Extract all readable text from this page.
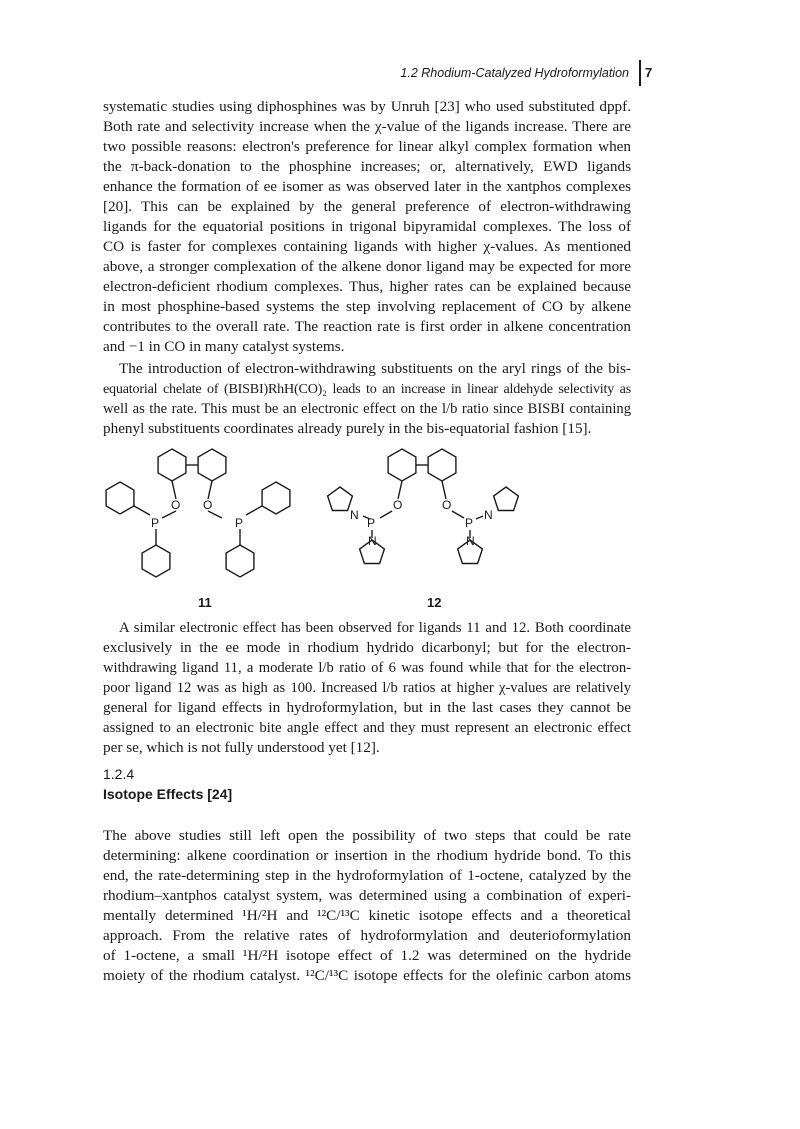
1.2 Rhodium-Catalyzed Hydroformylation 7
systematic studies using diphosphines was by Unruh [23] who used substituted dppf.
Both rate and selectivity increase when the χ-value of the ligands increase. There are
two possible reasons: electron's preference for linear alkyl complex formation when
the π-back-donation to the phosphine increases; or, alternatively, EWD ligands
enhance the formation of ee isomer as was observed later in the xantphos complexes
[20]. This can be explained by the general preference of electron-withdrawing
ligands for the equatorial positions in trigonal bipyramidal complexes. The loss of
CO is faster for complexes containing ligands with higher χ-values. As mentioned
above, a stronger complexation of the alkene donor ligand may be expected for more
electron-deficient rhodium complexes. Thus, higher rates can be explained because
in most phosphine-based systems the step involving replacement of CO by alkene
contributes to the overall rate. The reaction rate is first order in alkene concentration
and −1 in CO in many catalyst systems.
The introduction of electron-withdrawing substituents on the aryl rings of the bis-
equatorial chelate of (BISBI)RhH(CO)₂ leads to an increase in linear aldehyde selectivity as
well as the rate. This must be an electronic effect on the l/b ratio since BISBI containing
phenyl substituents coordinates already purely in the bis-equatorial fashion [15].
O O
P	P
O	O
P	P
N
N
N
N
11	12
A similar electronic effect has been observed for ligands 11 and 12. Both coordinate
exclusively in the ee mode in rhodium hydrido dicarbonyl; but for the electron-
withdrawing ligand 11, a moderate l/b ratio of 6 was found while that for the electron-
poor ligand 12 was as high as 100. Increased l/b ratios at higher χ-values are relatively
general for ligand effects in hydroformylation, but in the last cases they cannot be
assigned to an electronic bite angle effect and they must represent an electronic effect
per se, which is not fully understood yet [12].
1.2.4
Isotope Effects [24]
The above studies still left open the possibility of two steps that could be rate
determining: alkene coordination or insertion in the rhodium hydride bond. To this
end, the rate-determining step in the hydroformylation of 1-octene, catalyzed by the
rhodium–xantphos catalyst system, was determined using a combination of experi-
mentally determined ¹H/²H and ¹²C/¹³C kinetic isotope effects and a theoretical
approach. From the relative rates of hydroformylation and deuterioformylation
of 1-octene, a small ¹H/²H isotope effect of 1.2 was determined on the hydride
moiety of the rhodium catalyst. ¹²C/¹³C isotope effects for the olefinic carbon atoms
